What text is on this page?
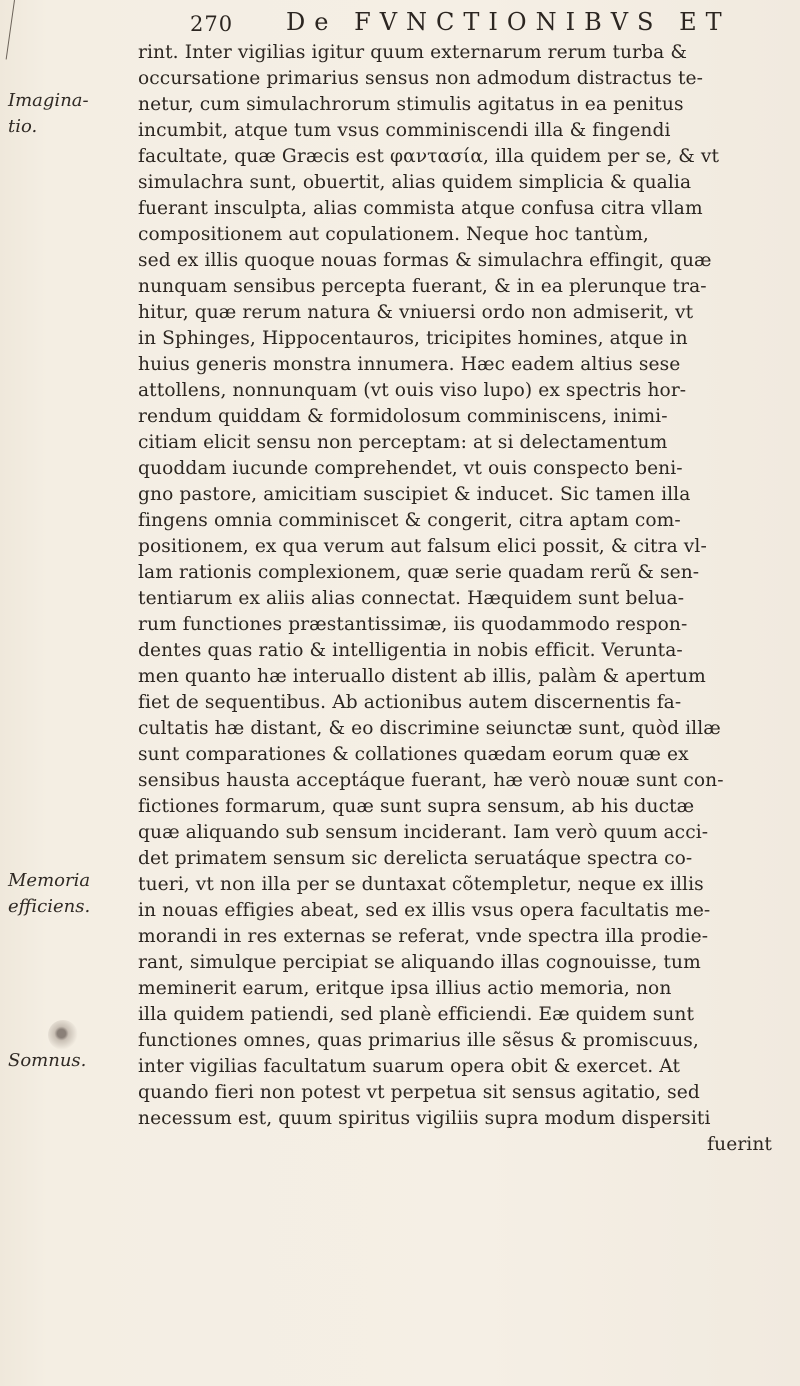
270 De FVNCTIONIBVS ET
Imagina-
tio.
Memoria
efficiens.
Somnus.
rint. Inter vigilias igitur quum externarum rerum turba &
occursatione primarius sensus non admodum distractus te-
netur, cum simulachrorum stimulis agitatus in ea penitus
incumbit, atque tum vsus comminiscendi illa & fingendi
facultate, quæ Græcis est φαντασία, illa quidem per se, & vt
simulachra sunt, obuertit, alias quidem simplicia & qualia
fuerant insculpta, alias commista atque confusa citra vllam
compositionem aut copulationem. Neque hoc tantùm,
sed ex illis quoque nouas formas & simulachra effingit, quæ
nunquam sensibus percepta fuerant, & in ea plerunque tra-
hitur, quæ rerum natura & vniuersi ordo non admiserit, vt
in Sphinges, Hippocentauros, tricipites homines, atque in
huius generis monstra innumera. Hæc eadem altius sese
attollens, nonnunquam (vt ouis viso lupo) ex spectris hor-
rendum quiddam & formidolosum comminiscens, inimi-
citiam elicit sensu non perceptam: at si delectamentum
quoddam iucunde comprehendet, vt ouis conspecto beni-
gno pastore, amicitiam suscipiet & inducet. Sic tamen illa
fingens omnia comminiscet & congerit, citra aptam com-
positionem, ex qua verum aut falsum elici possit, & citra vl-
lam rationis complexionem, quæ serie quadam rerũ & sen-
tentiarum ex aliis alias connectat. Hæquidem sunt belua-
rum functiones præstantissimæ, iis quodammodo respon-
dentes quas ratio & intelligentia in nobis efficit. Verunta-
men quanto hæ interuallo distent ab illis, palàm & apertum
fiet de sequentibus. Ab actionibus autem discernentis fa-
cultatis hæ distant, & eo discrimine seiunctæ sunt, quòd illæ
sunt comparationes & collationes quædam eorum quæ ex
sensibus hausta acceptáque fuerant, hæ verò nouæ sunt con-
fictiones formarum, quæ sunt supra sensum, ab his ductæ
quæ aliquando sub sensum inciderant. Iam verò quum acci-
det primatem sensum sic derelicta seruatáque spectra co-
tueri, vt non illa per se duntaxat cõtempletur, neque ex illis
in nouas effigies abeat, sed ex illis vsus opera facultatis me-
morandi in res externas se referat, vnde spectra illa prodie-
rant, simulque percipiat se aliquando illas cognouisse, tum
meminerit earum, eritque ipsa illius actio memoria, non
illa quidem patiendi, sed planè efficiendi. Eæ quidem sunt
functiones omnes, quas primarius ille sẽsus & promiscuus,
inter vigilias facultatum suarum opera obit & exercet. At
quando fieri non potest vt perpetua sit sensus agitatio, sed
necessum est, quum spiritus vigiliis supra modum dispersiti
fuerint
